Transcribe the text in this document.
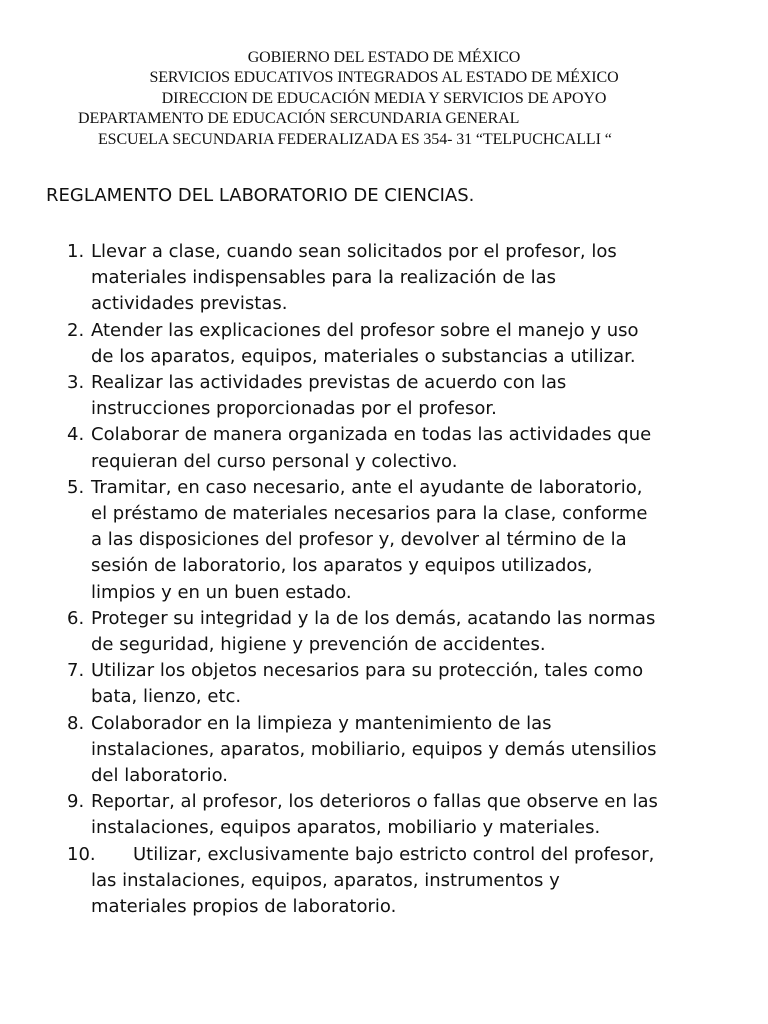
GOBIERNO DEL ESTADO DE MÉXICO
SERVICIOS EDUCATIVOS INTEGRADOS AL ESTADO DE MÉXICO
DIRECCION DE EDUCACIÓN MEDIA Y SERVICIOS DE APOYO
DEPARTAMENTO DE EDUCACIÓN SERCUNDARIA GENERAL
ESCUELA SECUNDARIA FEDERALIZADA ES 354- 31 “TELPUCHCALLI “
REGLAMENTO DEL LABORATORIO DE CIENCIAS.
1. Llevar a clase, cuando sean solicitados por el profesor, los
materiales indispensables para la realización de las
actividades previstas.
2. Atender las explicaciones del profesor sobre el manejo y uso
de los aparatos, equipos, materiales o substancias a utilizar.
3. Realizar las actividades previstas de acuerdo con las
instrucciones proporcionadas por el profesor.
4. Colaborar de manera organizada en todas las actividades que
requieran del curso personal y colectivo.
5. Tramitar, en caso necesario, ante el ayudante de laboratorio,
el préstamo de materiales necesarios para la clase, conforme
a las disposiciones del profesor y, devolver al término de la
sesión de laboratorio, los aparatos y equipos utilizados,
limpios y en un buen estado.
6. Proteger su integridad y la de los demás, acatando las normas
de seguridad, higiene y prevención de accidentes.
7. Utilizar los objetos necesarios para su protección, tales como
bata, lienzo, etc.
8. Colaborador en la limpieza y mantenimiento de las
instalaciones, aparatos, mobiliario, equipos y demás utensilios
del laboratorio.
9. Reportar, al profesor, los deterioros o fallas que observe en las
instalaciones, equipos aparatos, mobiliario y materiales.
10.	Utilizar, exclusivamente bajo estricto control del profesor,
las instalaciones, equipos, aparatos, instrumentos y
materiales propios de laboratorio.
